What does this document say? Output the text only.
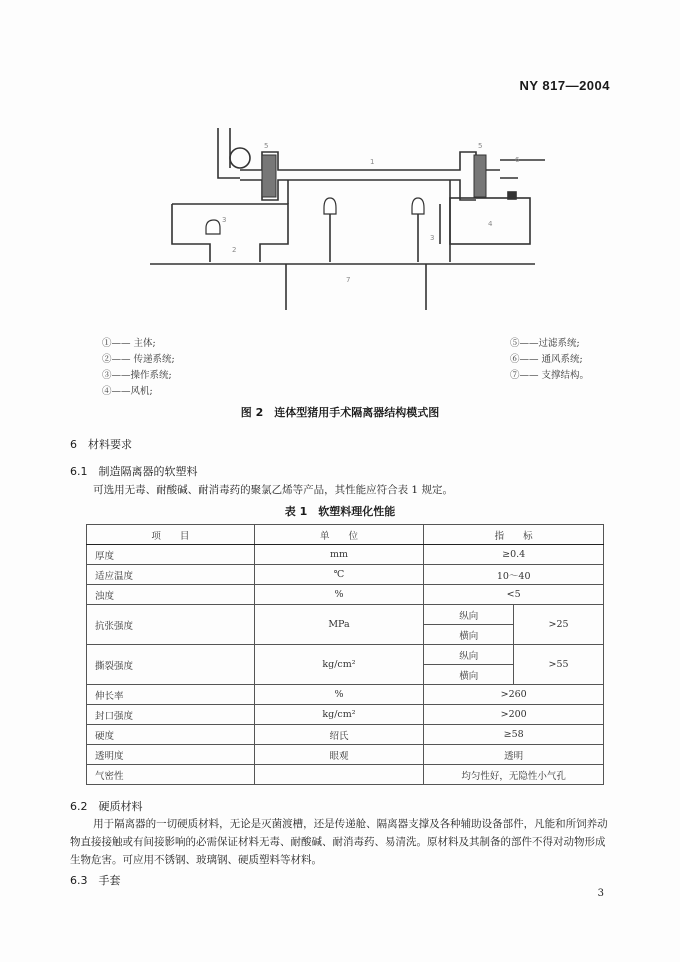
NY 817—2004
5
1
5
6
3
2
3
4
7
①—— 主体;
②—— 传递系统;
③——操作系统;
④——风机;
⑤——过滤系统;
⑥—— 通风系统;
⑦—— 支撑结构。
图 2　连体型猪用手术隔离器结构模式图
6　材料要求
6.1　制造隔离器的软塑料
可选用无毒、耐酸碱、耐消毒药的聚氯乙烯等产品，其性能应符合表 1 规定。
表 1　软塑料理化性能
项　　目	单　　位	指　　标	
厚度	mm	≥0.4	
适应温度	℃	10～40	
浊度	%	<5	
抗张强度	MPa	纵向	>25
		横向	
撕裂强度	kg/cm²	纵向	>55
		横向	
伸长率	%	>260	
封口强度	kg/cm²	>200	
硬度	绍氏	≥58	
透明度	眼观	透明	
气密性		均匀性好，无隐性小气孔	
6.2　硬质材料
用于隔离器的一切硬质材料，无论是灭菌渡槽，还是传递舱、隔离器支撑及各种辅助设备部件，凡能和所饲养动物直接接触或有间接影响的必需保证材料无毒、耐酸碱、耐消毒药、易清洗。原材料及其制备的部件不得对动物形成生物危害。可应用不锈钢、玻璃钢、硬质塑料等材料。
6.3　手套
3
